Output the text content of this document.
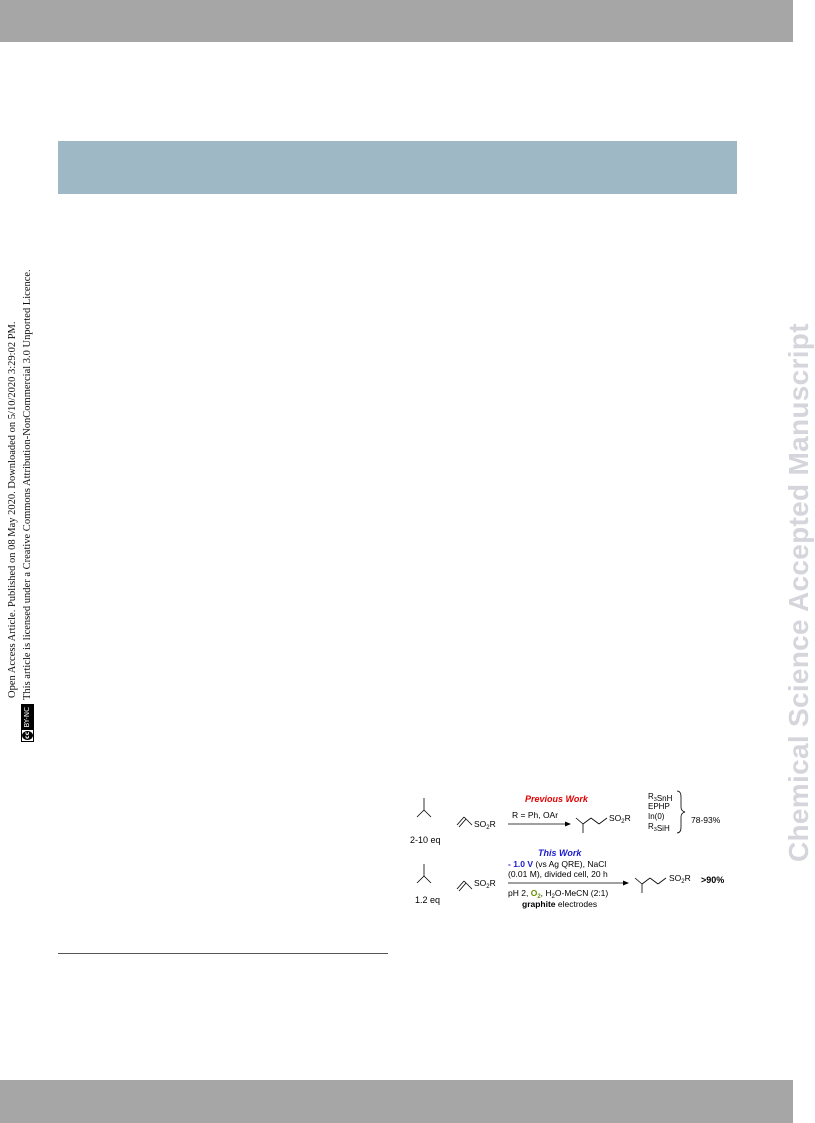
Open Access Article. Published on 08 May 2020. Downloaded on 5/10/2020 3:29:02 PM.
cc
BY-NC
This article is licensed under a Creative Commons Attribution-NonCommercial 3.0 Unported Licence.	Chemical Science Accepted Manuscript
Previous Work
2-10 eq
$SO_2R$
R = Ph, OAr	$SO_2R$
$R_3SnH$
EPHP
In(0)
$R_3SiH$
78-93%
This Work
- 1.0 V (vs Ag QRE), NaCl
(0.01 M), divided cell, 20 h
pH 2, $O_2$, $H_2O$-MeCN (2:1)
graphite electrodes
1.2 eq
$SO_2R$	$SO_2R >90\%$
